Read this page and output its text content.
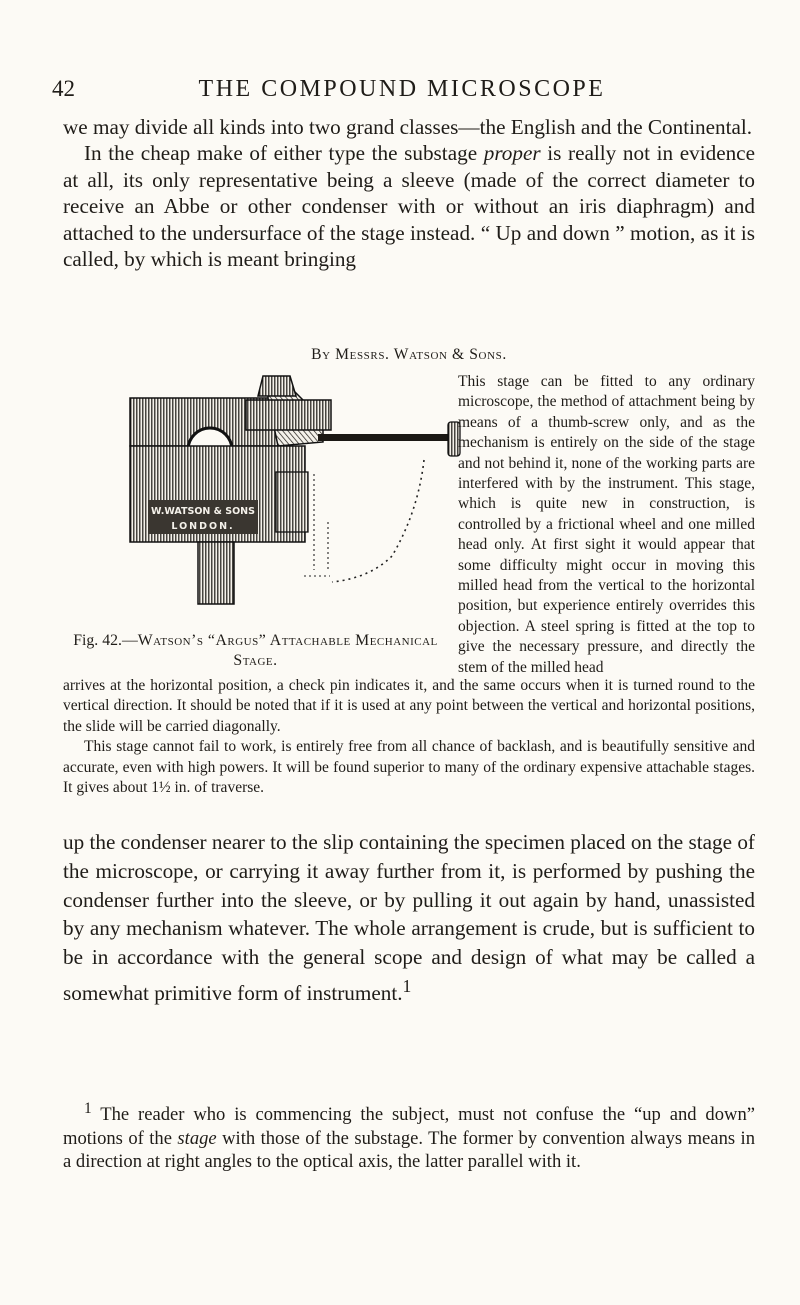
42	THE COMPOUND MICROSCOPE

we may divide all kinds into two grand classes—the English and the Continental.

In the cheap make of either type the substage proper is really not in evidence at all, its only representative being a sleeve (made of the correct diameter to receive an Abbe or other condenser with or without an iris diaphragm) and attached to the undersurface of the stage instead. “ Up and down ” motion, as it is called, by which is meant bringing

By Messrs. Watson & Sons.
W.WATSON & SONS
LONDON.

Fig. 42.—Watson’s “Argus” Attachable Mechanical Stage.

This stage can be fitted to any ordinary microscope, the method of attachment being by means of a thumb-screw only, and as the mechanism is entirely on the side of the stage and not behind it, none of the working parts are interfered with by the instrument. This stage, which is quite new in construction, is controlled by a frictional wheel and one milled head only. At first sight it would appear that some difficulty might occur in moving this milled head from the vertical to the horizontal position, but experience entirely overrides this objection. A steel spring is fitted at the top to give the necessary pressure, and directly the stem of the milled head

arrives at the horizontal position, a check pin indicates it, and the same occurs when it is turned round to the vertical direction. It should be noted that if it is used at any point between the vertical and horizontal positions, the slide will be carried diagonally.

This stage cannot fail to work, is entirely free from all chance of backlash, and is beautifully sensitive and accurate, even with high powers. It will be found superior to many of the ordinary expensive attachable stages. It gives about 1½ in. of traverse.

up the condenser nearer to the slip containing the specimen placed on the stage of the microscope, or carrying it away further from it, is performed by pushing the condenser further into the sleeve, or by pulling it out again by hand, unassisted by any mechanism whatever. The whole arrangement is crude, but is sufficient to be in accordance with the general scope and design of what may be called a somewhat primitive form of instrument.$^1$

$^1$ The reader who is commencing the subject, must not confuse the “up and down” motions of the stage with those of the substage. The former by convention always means in a direction at right angles to the optical axis, the latter parallel with it.
